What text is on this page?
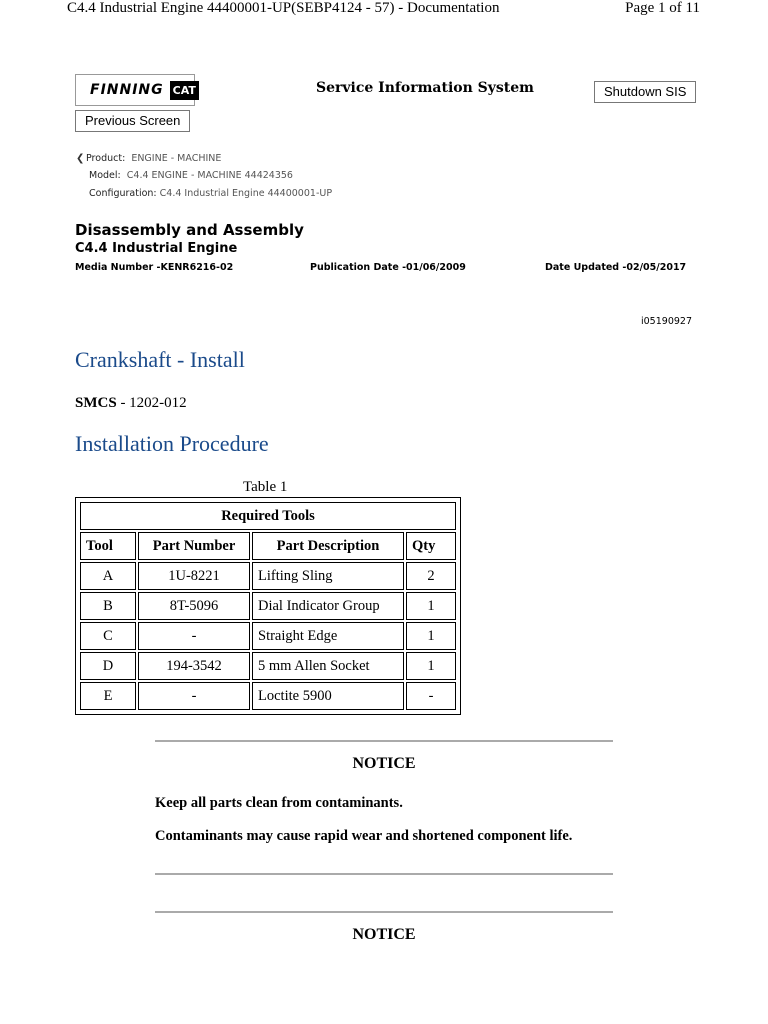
C4.4 Industrial Engine 44400001-UP(SEBP4124 - 57) - Documentation	Page 1 of 11
FINNING CAT
Previous Screen
Service Information System	Shutdown SIS
❮ Product: ENGINE - MACHINE
Model: C4.4 ENGINE - MACHINE 44424356
Configuration: C4.4 Industrial Engine 44400001-UP
Disassembly and Assembly
C4.4 Industrial Engine
Media Number -KENR6216-02	Publication Date -01/06/2009	Date Updated -02/05/2017
i05190927
Crankshaft - Install
SMCS - 1202-012
Installation Procedure
Table 1
Required Tools			
Tool	Part Number	Part Description	Qty
A	1U-8221	Lifting Sling	2
B	8T-5096	Dial Indicator Group	1
C	-	Straight Edge	1
D	194-3542	5 mm Allen Socket	1
E	-	Loctite 5900	-
NOTICE
Keep all parts clean from contaminants.
Contaminants may cause rapid wear and shortened component life.
NOTICE
